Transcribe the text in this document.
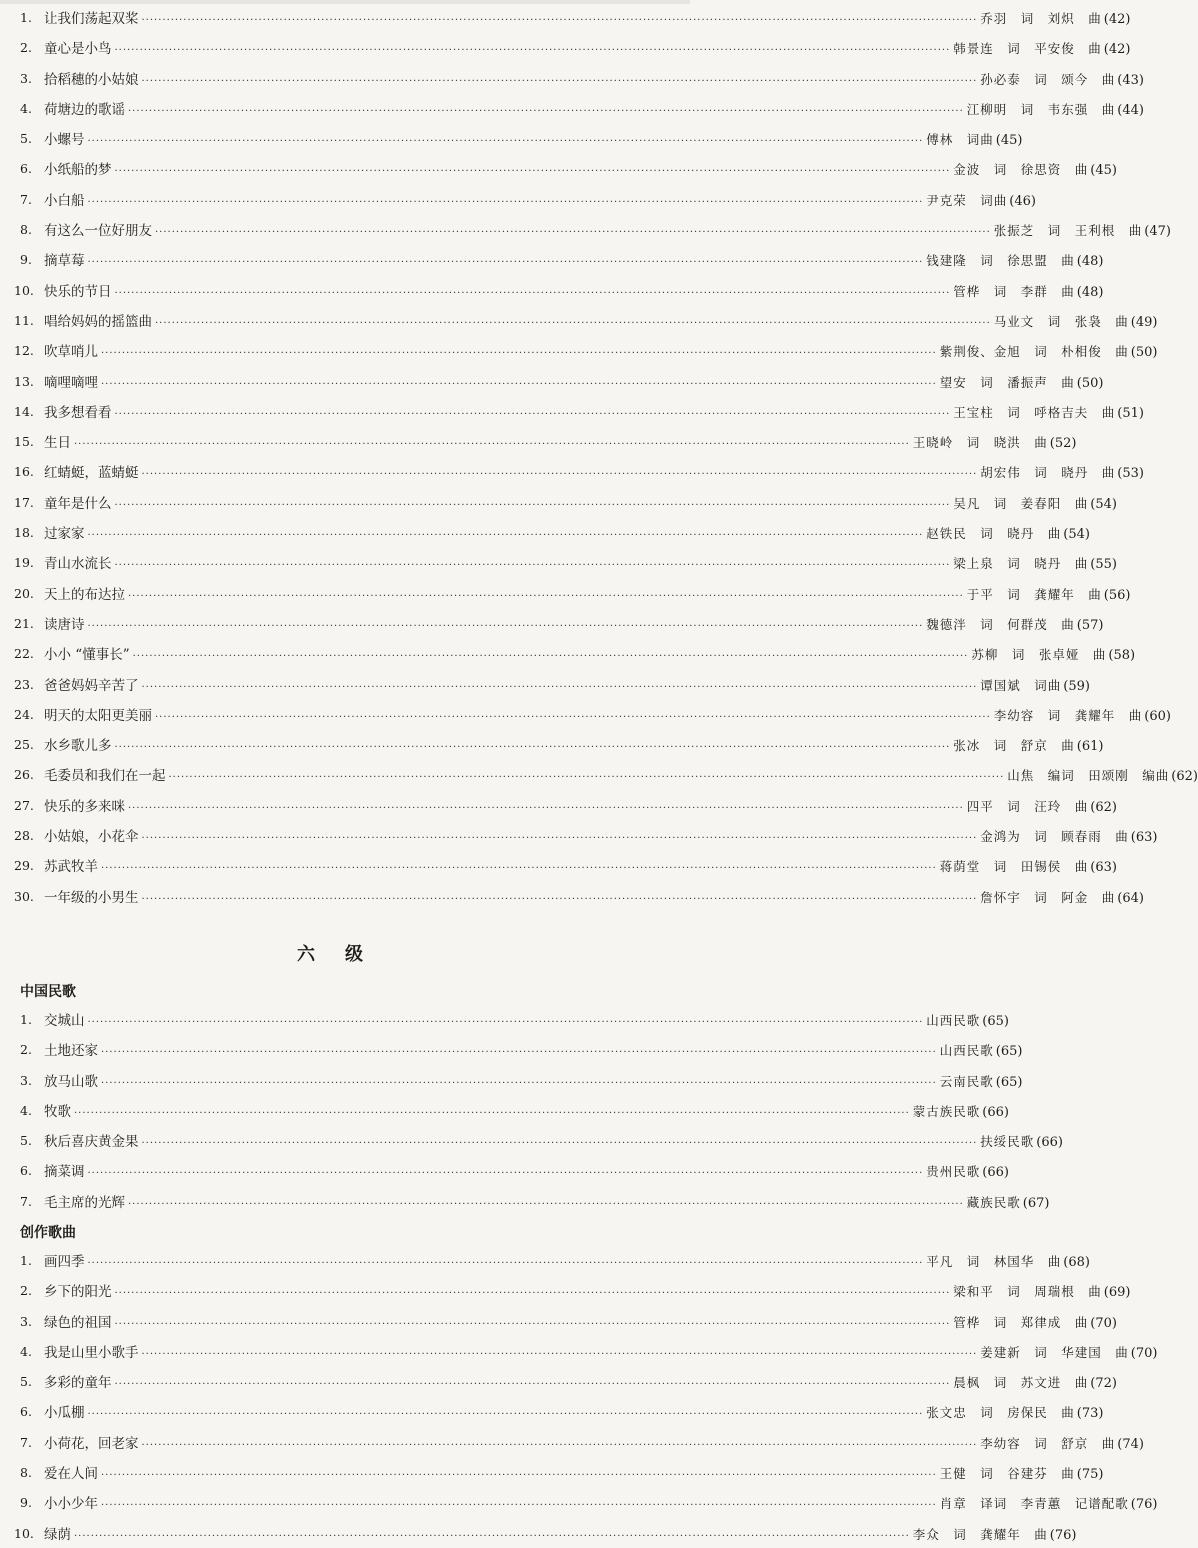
1. 让我们荡起双桨 ········································································································································································································ 乔羽　词　刘炽　曲 (42)
2. 童心是小鸟 ········································································································································································································ 韩景连　词　平安俊　曲 (42)
3. 拾稻穗的小姑娘 ········································································································································································································ 孙必泰　词　颂今　曲 (43)
4. 荷塘边的歌谣 ········································································································································································································ 江柳明　词　韦东强　曲 (44)
5. 小螺号 ········································································································································································································ 傅林　词曲 (45)
6. 小纸船的梦 ········································································································································································································ 金波　词　徐思资　曲 (45)
7. 小白船 ········································································································································································································ 尹克荣　词曲 (46)
8. 有这么一位好朋友 ········································································································································································································ 张振芝　词　王利根　曲 (47)
9. 摘草莓 ········································································································································································································ 钱建隆　词　徐思盟　曲 (48)
10. 快乐的节日 ········································································································································································································ 管桦　词　李群　曲 (48)
11. 唱给妈妈的摇篮曲 ········································································································································································································ 马业文　词　张袅　曲 (49)
12. 吹草哨儿 ········································································································································································································ 紫荆俊、金旭　词　朴相俊　曲 (50)
13. 嘀哩嘀哩 ········································································································································································································ 望安　词　潘振声　曲 (50)
14. 我多想看看 ········································································································································································································ 王宝柱　词　呼格吉夫　曲 (51)
15. 生日 ········································································································································································································ 王晓岭　词　晓洪　曲 (52)
16. 红蜻蜓，蓝蜻蜓 ········································································································································································································ 胡宏伟　词　晓丹　曲 (53)
17. 童年是什么 ········································································································································································································ 吴凡　词　姜春阳　曲 (54)
18. 过家家 ········································································································································································································ 赵铁民　词　晓丹　曲 (54)
19. 青山水流长 ········································································································································································································ 梁上泉　词　晓丹　曲 (55)
20. 天上的布达拉 ········································································································································································································ 于平　词　龚耀年　曲 (56)
21. 读唐诗 ········································································································································································································ 魏德泮　词　何群茂　曲 (57)
22. 小小 “懂事长” ········································································································································································································ 苏柳　词　张卓娅　曲 (58)
23. 爸爸妈妈辛苦了 ········································································································································································································ 谭国斌　词曲 (59)
24. 明天的太阳更美丽 ········································································································································································································ 李幼容　词　龚耀年　曲 (60)
25. 水乡歌儿多 ········································································································································································································ 张冰　词　舒京　曲 (61)
26. 毛委员和我们在一起 ········································································································································································································ 山焦　编词　田颂刚　编曲 (62)
27. 快乐的多来咪 ········································································································································································································ 四平　词　汪玲　曲 (62)
28. 小姑娘，小花伞 ········································································································································································································ 金鸿为　词　顾春雨　曲 (63)
29. 苏武牧羊 ········································································································································································································ 蒋荫堂　词　田锡侯　曲 (63)
30. 一年级的小男生 ········································································································································································································ 詹怀宇　词　阿金　曲 (64)
六级
中国民歌
1. 交城山 ········································································································································································································ 山西民歌 (65)
2. 土地还家 ········································································································································································································ 山西民歌 (65)
3. 放马山歌 ········································································································································································································ 云南民歌 (65)
4. 牧歌 ········································································································································································································ 蒙古族民歌 (66)
5. 秋后喜庆黄金果 ········································································································································································································ 扶绥民歌 (66)
6. 摘菜调 ········································································································································································································ 贵州民歌 (66)
7. 毛主席的光辉 ········································································································································································································ 藏族民歌 (67)
创作歌曲
1. 画四季 ········································································································································································································ 平凡　词　林国华　曲 (68)
2. 乡下的阳光 ········································································································································································································ 梁和平　词　周瑞根　曲 (69)
3. 绿色的祖国 ········································································································································································································ 管桦　词　郑律成　曲 (70)
4. 我是山里小歌手 ········································································································································································································ 姜建新　词　华建国　曲 (70)
5. 多彩的童年 ········································································································································································································ 晨枫　词　苏文进　曲 (72)
6. 小瓜棚 ········································································································································································································ 张文忠　词　房保民　曲 (73)
7. 小荷花，回老家 ········································································································································································································ 李幼容　词　舒京　曲 (74)
8. 爱在人间 ········································································································································································································ 王健　词　谷建芬　曲 (75)
9. 小小少年 ········································································································································································································ 肖章　译词　李青蕙　记谱配歌 (76)
10. 绿荫 ········································································································································································································ 李众　词　龚耀年　曲 (76)
